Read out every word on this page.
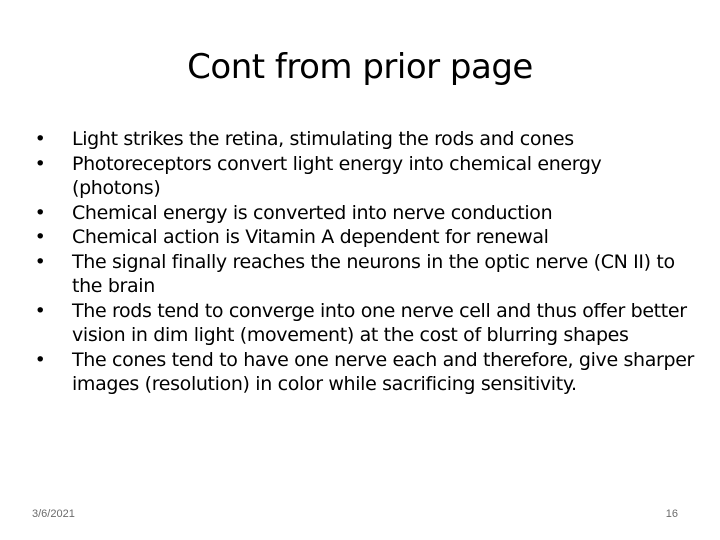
Cont from prior page
• Light strikes the retina, stimulating the rods and cones
• Photoreceptors convert light energy into chemical energy (photons)
• Chemical energy is converted into nerve conduction
• Chemical action is Vitamin A dependent for renewal
• The signal finally reaches the neurons in the optic nerve (CN II) to the brain
• The rods tend to converge into one nerve cell and thus offer better vision in dim light (movement) at the cost of blurring shapes
• The cones tend to have one nerve each and therefore, give sharper images (resolution) in color while sacrificing sensitivity.
3/6/2021	16
